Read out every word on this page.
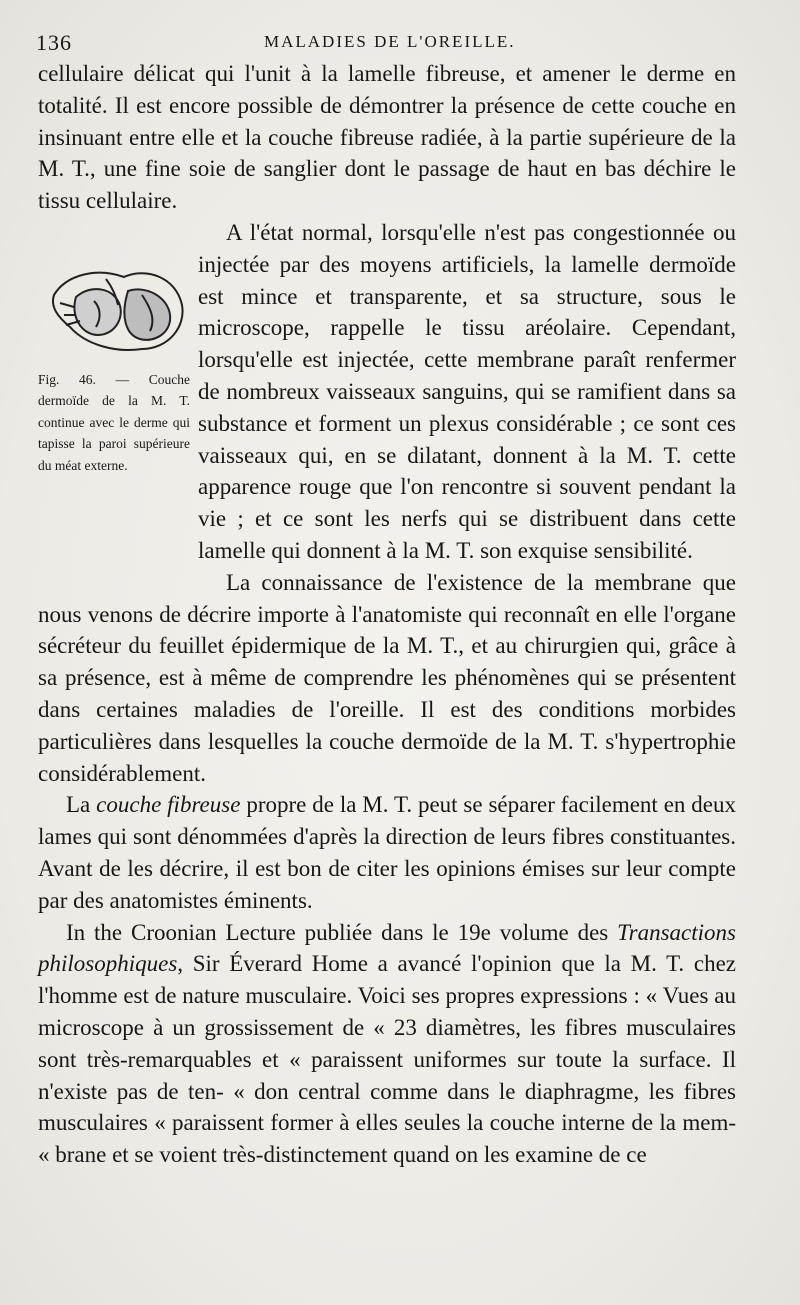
136	MALADIES DE L'OREILLE.

cellulaire délicat qui l'unit à la lamelle fibreuse, et amener le derme en totalité. Il est encore possible de démontrer la présence de cette couche en insinuant entre elle et la couche fibreuse radiée, à la partie supérieure de la M. T., une fine soie de sanglier dont le passage de haut en bas déchire le tissu cellulaire.

Fig. 46. — Couche dermoïde de la M. T. continue avec le derme qui tapisse la paroi supérieure du méat externe.

A l'état normal, lorsqu'elle n'est pas congestionnée ou injectée par des moyens artificiels, la lamelle dermoïde est mince et transparente, et sa structure, sous le microscope, rappelle le tissu aréolaire. Cependant, lorsqu'elle est injectée, cette membrane paraît renfermer de nombreux vaisseaux sanguins, qui se ramifient dans sa substance et forment un plexus considérable ; ce sont ces vaisseaux qui, en se dilatant, donnent à la M. T. cette apparence rouge que l'on rencontre si souvent pendant la vie ; et ce sont les nerfs qui se distribuent dans cette lamelle qui donnent à la M. T. son exquise sensibilité.

La connaissance de l'existence de la membrane que nous venons de décrire importe à l'anatomiste qui reconnaît en elle l'organe sécréteur du feuillet épidermique de la M. T., et au chirurgien qui, grâce à sa présence, est à même de comprendre les phénomènes qui se présentent dans certaines maladies de l'oreille. Il est des conditions morbides particulières dans lesquelles la couche dermoïde de la M. T. s'hypertrophie considérablement.

La couche fibreuse propre de la M. T. peut se séparer facilement en deux lames qui sont dénommées d'après la direction de leurs fibres constituantes. Avant de les décrire, il est bon de citer les opinions émises sur leur compte par des anatomistes éminents.

In the Croonian Lecture publiée dans le 19e volume des Transactions philosophiques, Sir Éverard Home a avancé l'opinion que la M. T. chez l'homme est de nature musculaire. Voici ses propres expressions : « Vues au microscope à un grossissement de « 23 diamètres, les fibres musculaires sont très-remarquables et « paraissent uniformes sur toute la surface. Il n'existe pas de ten- « don central comme dans le diaphragme, les fibres musculaires « paraissent former à elles seules la couche interne de la mem- « brane et se voient très-distinctement quand on les examine de ce
